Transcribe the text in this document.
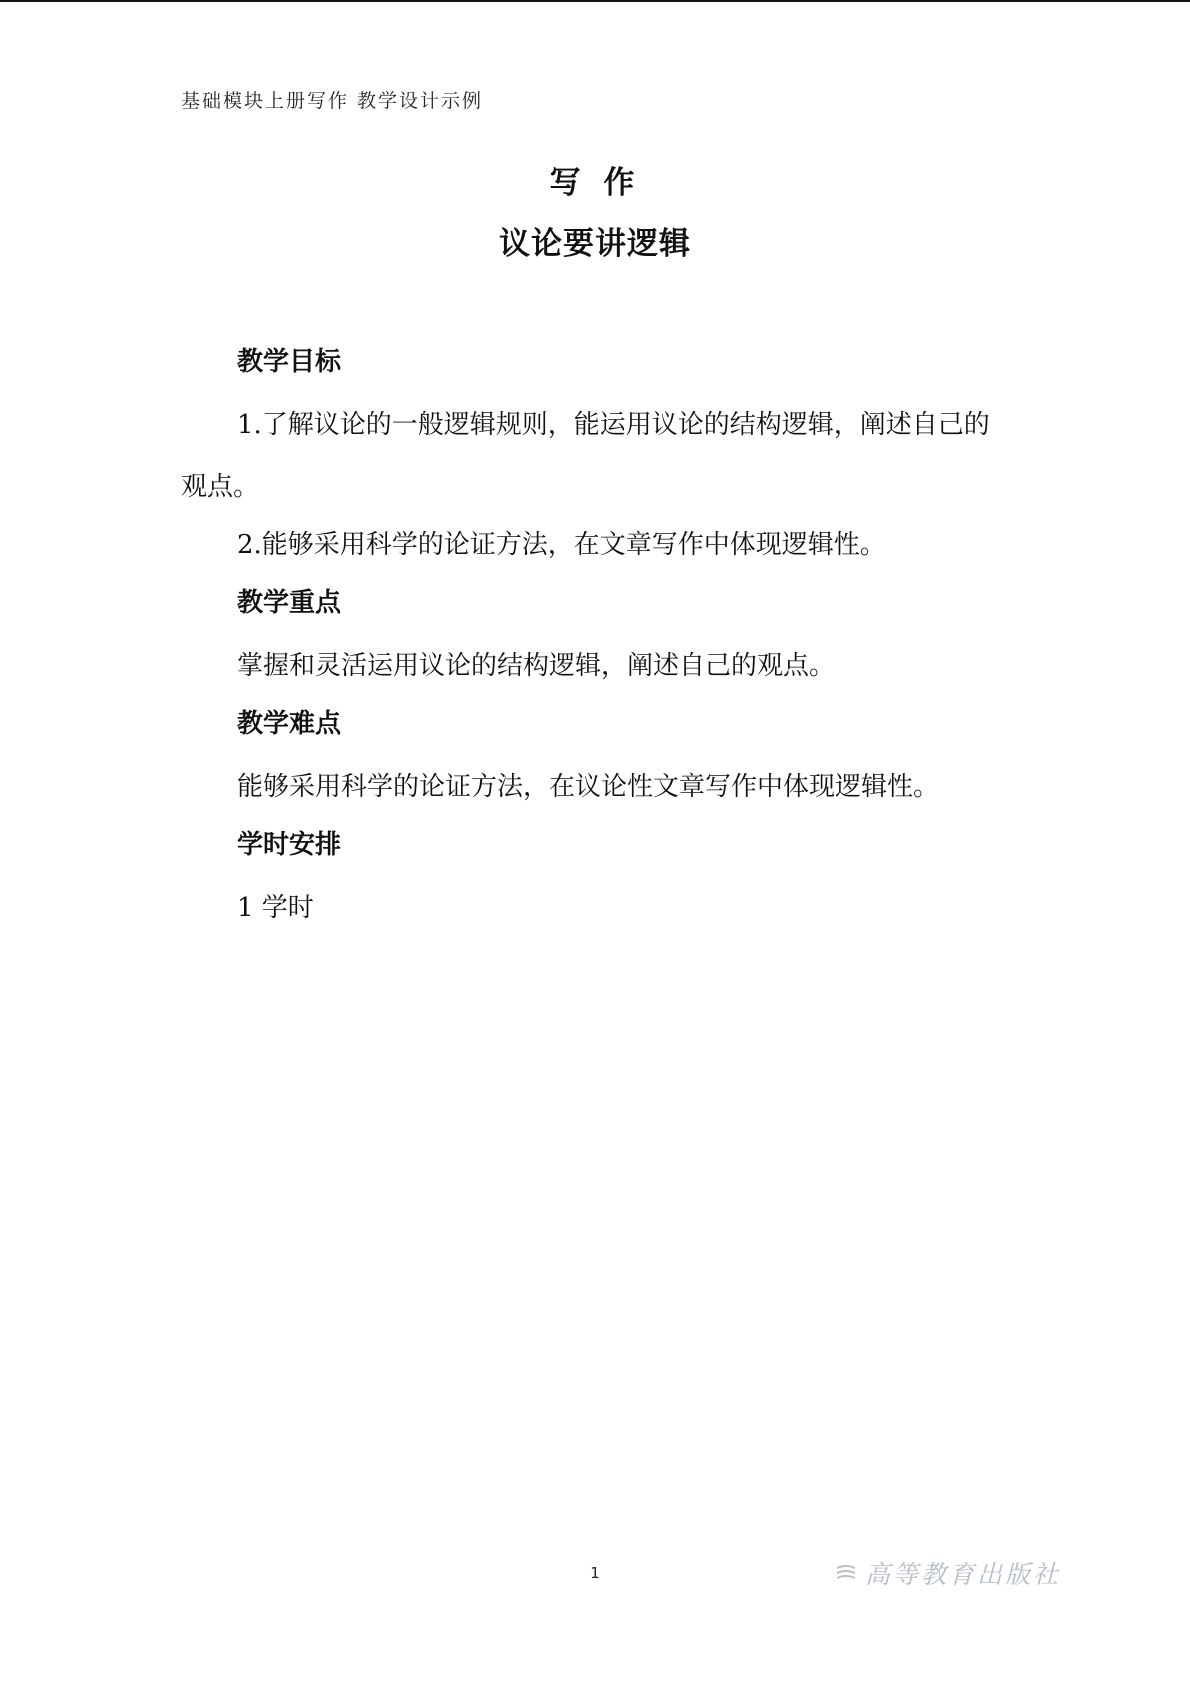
基础模块上册写作 教学设计示例
写 作
议论要讲逻辑
教学目标

1.了解议论的一般逻辑规则，能运用议论的结构逻辑，阐述自己的观点。

2.能够采用科学的论证方法，在文章写作中体现逻辑性。

教学重点

掌握和灵活运用议论的结构逻辑，阐述自己的观点。

教学难点

能够采用科学的论证方法，在议论性文章写作中体现逻辑性。

学时安排

1 学时

1	高等教育出版社
